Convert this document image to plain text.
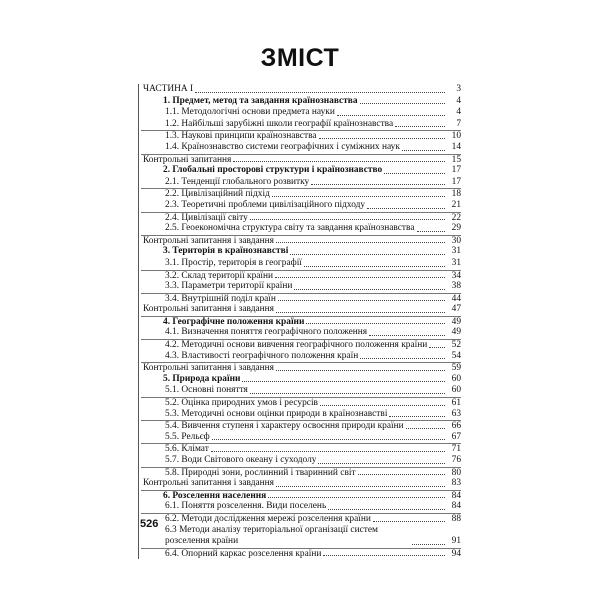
ЗМІСТ
ЧАСТИНА І	3
1. Предмет, метод та завдання країнознавства	4
1.1. Методологічні основи предмета науки	4
1.2. Найбільші зарубіжні школи географії країнознавства	7
1.3. Наукові принципи країнознавства	10
1.4. Країнознавство системи географічних і суміжних наук	14
Контрольні запитання	15
2. Глобальні просторові структури і країнознавство	17
2.1. Тенденції глобального розвитку	17
2.2. Цивілізаційний підхід	18
2.3. Теоретичні проблеми цивілізаційного підходу	21
2.4. Цивілізації світу	22
2.5. Геоекономічна структура світу та завдання країнознавства	29
Контрольні запитання і завдання	30
3. Територія в країнознавстві	31
3.1. Простір, територія в географії	31
3.2. Склад території країни	34
3.3. Параметри території країни	38
3.4. Внутрішній поділ країн	44
Контрольні запитання і завдання	47
4. Географічне положення країни	49
4.1. Визначення поняття географічного положення	49
4.2. Методичні основи вивчення географічного положення країни	52
4.3. Властивості географічного положення країн	54
Контрольні запитання і завдання	59
5. Природа країни	60
5.1. Основні поняття	60
5.2. Оцінка природних умов і ресурсів	61
5.3. Методичні основи оцінки природи в країнознавстві	63
5.4. Вивчення ступеня і характеру освоєння природи країни	66
5.5. Рельєф	67
5.6. Клімат	71
5.7. Води Світового океану і суходолу	76
5.8. Природні зони, рослинний і тваринний світ	80
Контрольні запитання і завдання	83
6. Розселення населення	84
6.1. Поняття розселення. Види поселень	84
6.2. Методи дослідження мережі розселення країни	88
6.3 Методи аналізу територіальної організації систем розселення країни	91
6.4. Опорний каркас розселення країни	94
526
